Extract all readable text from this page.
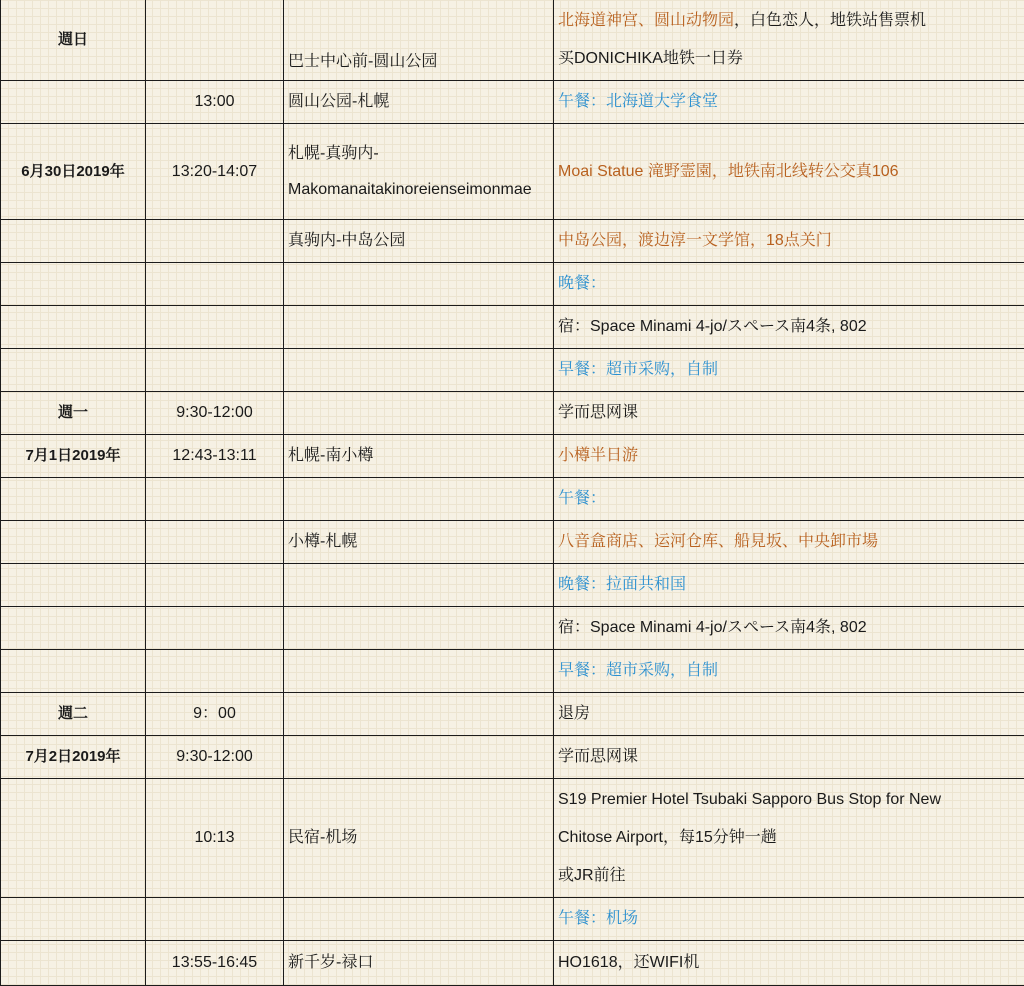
週日		巴士中心前-圆山公园	北海道神宫、圆山动物园，白色恋人，地铁站售票机
买DONICHIKA地铁一日券

	13:00	圆山公园-札幌	午餐：北海道大学食堂

6月30日2019年	13:20-14:07	札幌-真驹内-
Makomanaitakinoreienseimonmae	Moai Statue 滝野霊園，地铁南北线转公交真106

		真驹内-中岛公园	中岛公园，渡边淳一文学馆，18点关门

			晚餐：

			宿：Space Minami 4-jo/スペース南4条, 802

			早餐：超市采购，自制

週一	9:30-12:00		学而思网课

7月1日2019年	12:43-13:11	札幌-南小樽	小樽半日游

			午餐：

		小樽-札幌	八音盒商店、运河仓库、船見坂、中央卸市場

			晚餐：拉面共和国

			宿：Space Minami 4-jo/スペース南4条, 802

			早餐：超市采购，自制

週二	9：00		退房

7月2日2019年	9:30-12:00		学而思网课

	10:13	民宿-机场	S19 Premier Hotel Tsubaki Sapporo Bus Stop for New
Chitose Airport，每15分钟一趟
或JR前往

			午餐：机场

	13:55-16:45	新千岁-禄口	HO1618，还WIFI机
